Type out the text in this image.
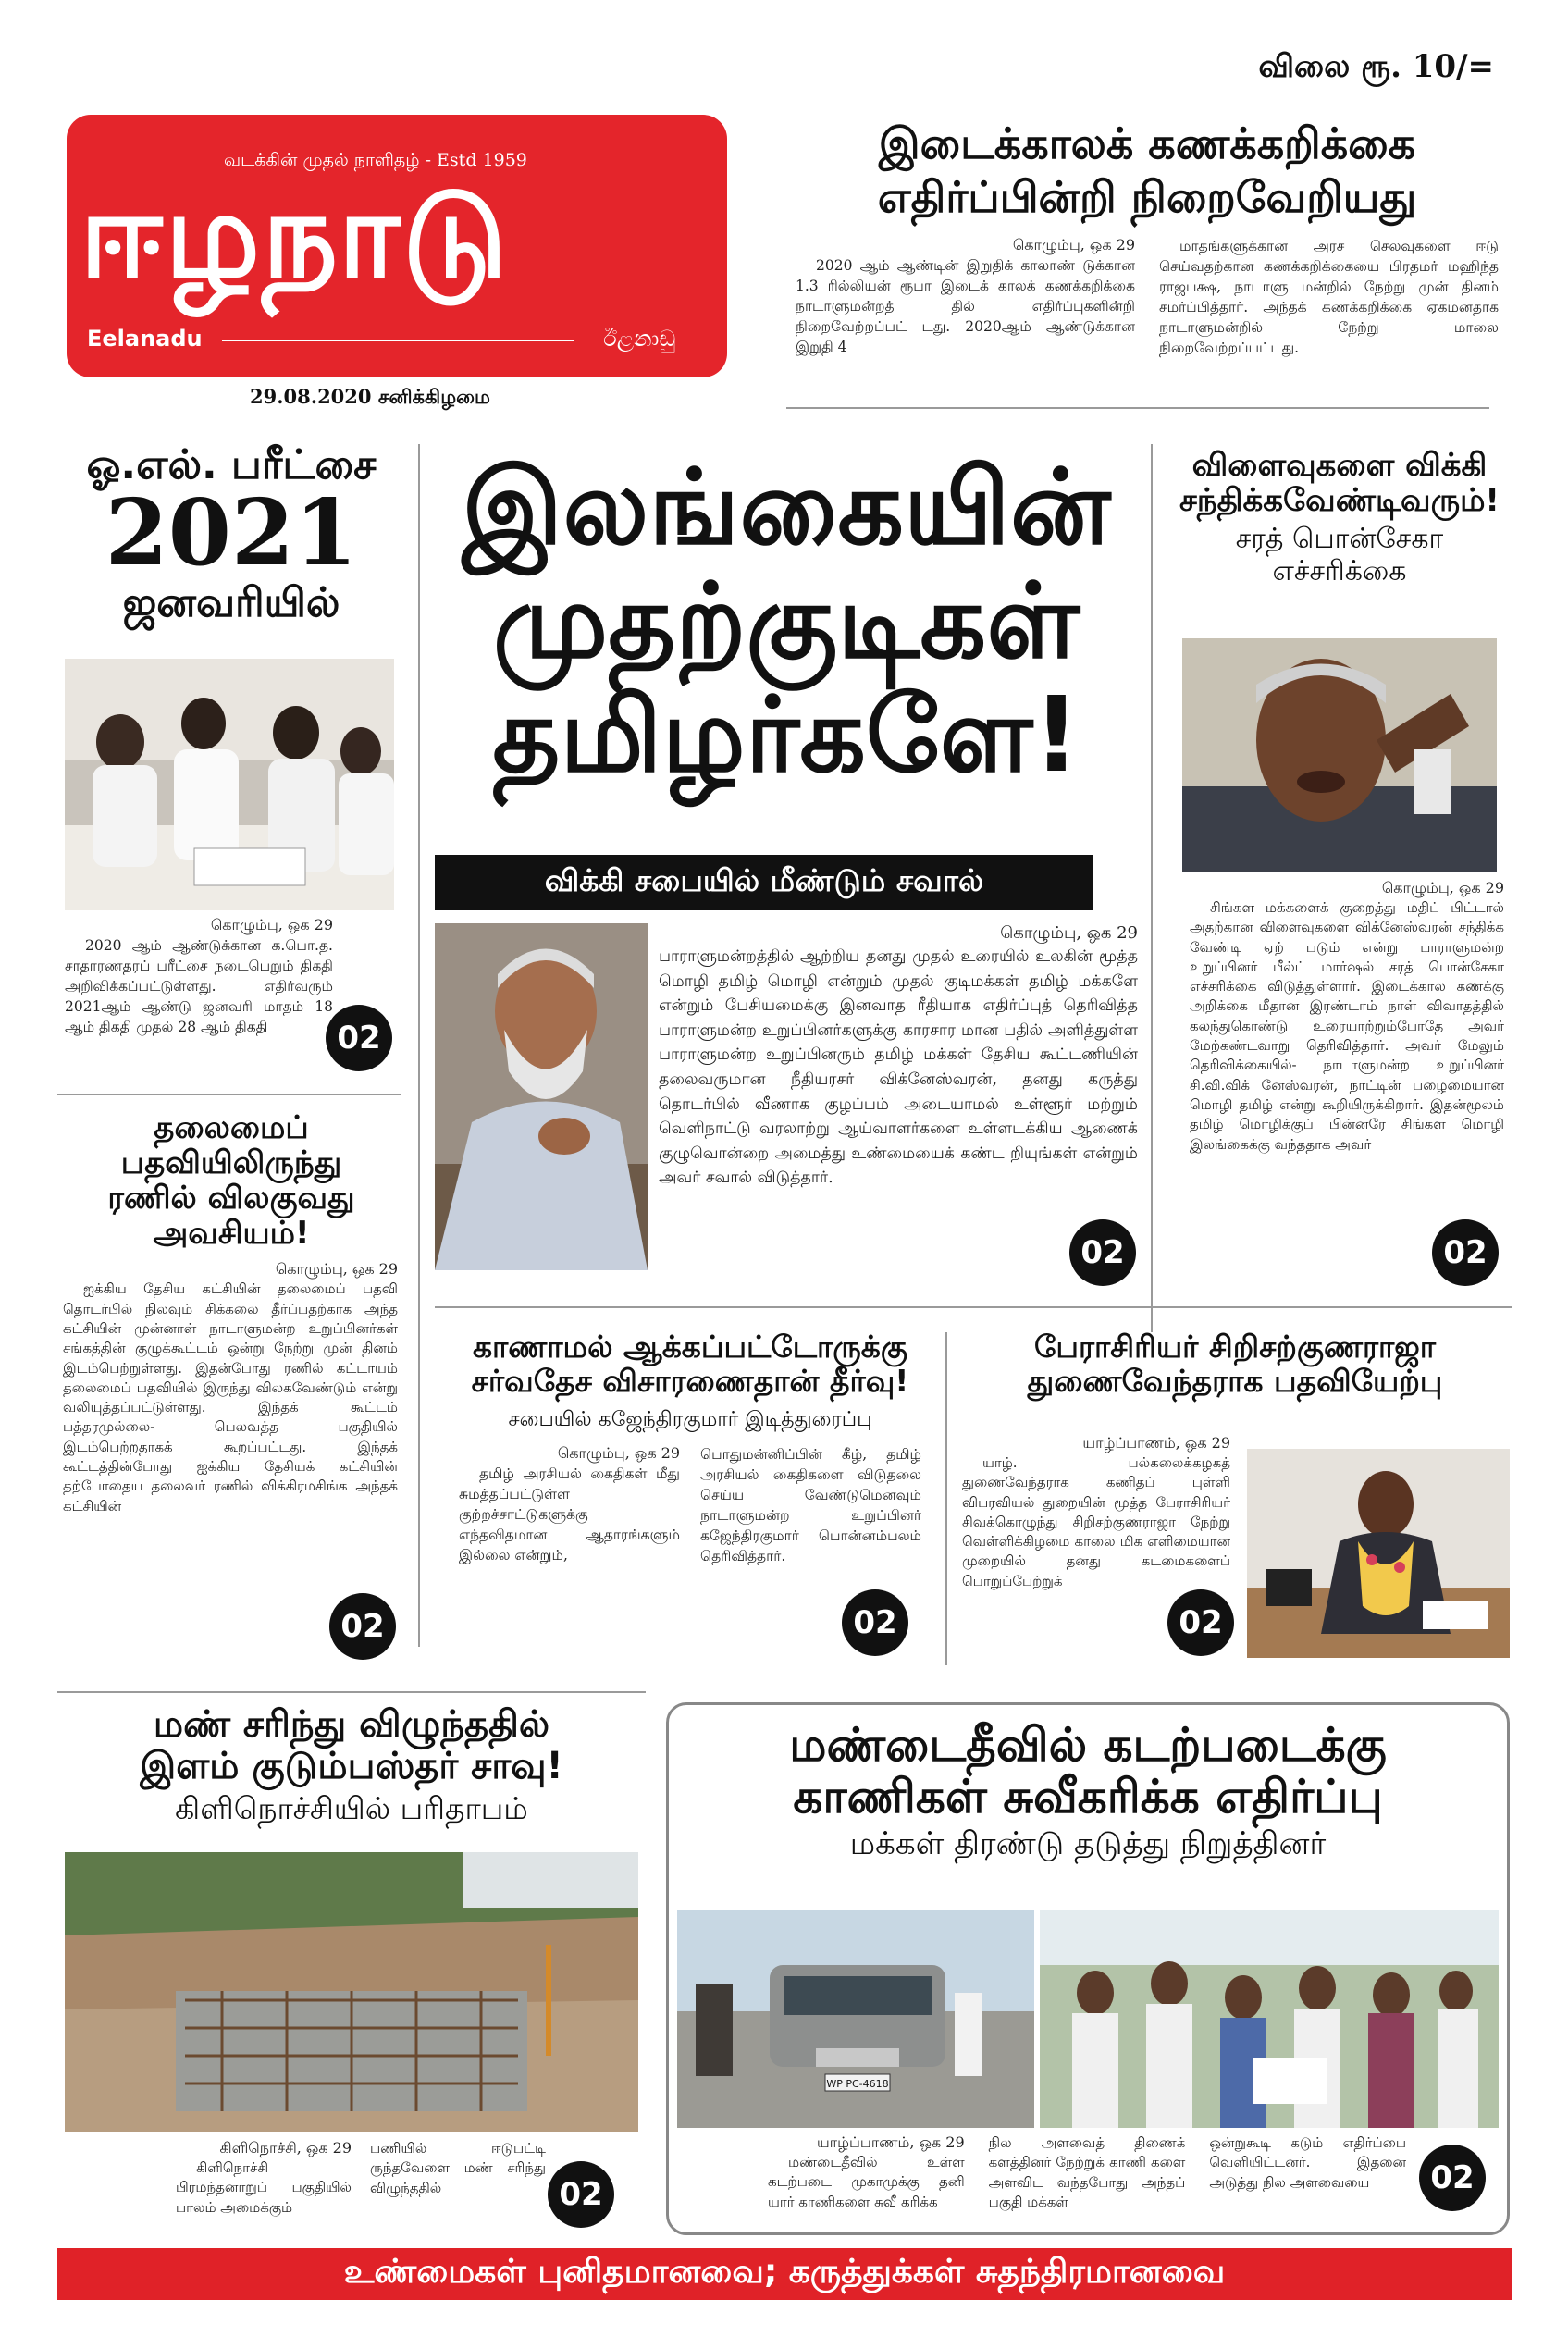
விலை ரூ. 10/=
வடக்கின் முதல் நாளிதழ் - Estd 1959
ஈழநாடு
Eelanadu	ඊළනාඩු
29.08.2020 சனிக்கிழமை
இடைக்காலக் கணக்கறிக்கை
எதிர்ப்பின்றி நிறைவேறியது
கொழும்பு, ஒக 29

2020 ஆம் ஆண்டின் இறுதிக் காலாண் டுக்கான 1.3 ரில்லியன் ரூபா இடைக் காலக் கணக்கறிக்கை நாடாளுமன்றத் தில் எதிர்ப்புகளின்றி நிறைவேற்றப்பட் டது. 2020ஆம் ஆண்டுக்கான இறுதி 4

மாதங்களுக்கான அரச செலவுகளை ஈடு செய்வதற்கான கணக்கறிக்கையை பிரதமர் மஹிந்த ராஜபக்ஷ, நாடாளு மன்றில் நேற்று முன் தினம் சமர்ப்பித்தார். அந்தக் கணக்கறிக்கை ஏகமனதாக நாடாளுமன்றில் நேற்று மாலை நிறைவேற்றப்பட்டது.

ஓ.எல். பரீட்சை
2021
ஜனவரியில்
கொழும்பு, ஒக 29

2020 ஆம் ஆண்டுக்கான க.பொ.த. சாதாரணதரப் பரீட்சை நடைபெறும் திகதி அறிவிக்கப்பட்டுள்ளது. எதிர்வரும் 2021ஆம் ஆண்டு ஜனவரி மாதம் 18 ஆம் திகதி முதல் 28 ஆம் திகதி	02
தலைமைப்
பதவியிலிருந்து
ரணில் விலகுவது
அவசியம்!
கொழும்பு, ஒக 29

ஐக்கிய தேசிய கட்சியின் தலைமைப் பதவி தொடர்பில் நிலவும் சிக்கலை தீர்ப்பதற்காக அந்த கட்சியின் முன்னாள் நாடாளுமன்ற உறுப்பினர்கள் சங்கத்தின் குழுக்கூட்டம் ஒன்று நேற்று முன் தினம் இடம்பெற்றுள்ளது. இதன்போது ரணில் கட்டாயம் தலைமைப் பதவியில் இருந்து விலகவேண்டும் என்று வலியுத்தப்பட்டுள்ளது. இந்தக் கூட்டம் பத்தரமுல்லை- பெலவத்த பகுதியில் இடம்பெற்றதாகக் கூறப்பட்டது. இந்தக் கூட்டத்தின்போது ஐக்கிய தேசியக் கட்சியின் தற்போதைய தலைவர் ரணில் விக்கிரமசிங்க அந்தக் கட்சியின்

02
இலங்கையின்
முதற்குடிகள்
தமிழர்களே!
விக்கி சபையில் மீண்டும் சவால்
கொழும்பு, ஒக 29

பாராளுமன்றத்தில் ஆற்றிய தனது முதல் உரையில் உலகின் மூத்த மொழி தமிழ் மொழி என்றும் முதல் குடிமக்கள் தமிழ் மக்களே என்றும் பேசியமைக்கு இனவாத ரீதியாக எதிர்ப்புத் தெரிவித்த பாராளுமன்ற உறுப்பினர்களுக்கு காரசார மான பதில் அளித்துள்ள பாராளுமன்ற உறுப்பினரும் தமிழ் மக்கள் தேசிய கூட்டணியின் தலைவருமான நீதியரசர் விக்னேஸ்வரன், தனது கருத்து தொடர்பில் வீணாக குழப்பம் அடையாமல் உள்ளூர் மற்றும் வெளிநாட்டு வரலாற்று ஆய்வாளர்களை உள்ளடக்கிய ஆணைக் குழுவொன்றை அமைத்து உண்மையைக் கண்ட றியுங்கள் என்றும் அவர் சவால் விடுத்தார்.

02
விளைவுகளை விக்கி
சந்திக்கவேண்டிவரும்!
சரத் பொன்சேகா
எச்சரிக்கை
கொழும்பு, ஒக 29

சிங்கள மக்களைக் குறைத்து மதிப் பிட்டால் அதற்கான விளைவுகளை விக்னேஸ்வரன் சந்திக்க வேண்டி ஏற் படும் என்று பாராளுமன்ற உறுப்பினர் பீல்ட் மார்ஷல் சரத் பொன்சேகா எச்சரிக்கை விடுத்துள்ளார். இடைக்கால கணக்கு அறிக்கை மீதான இரண்டாம் நாள் விவாதத்தில் கலந்துகொண்டு உரையாற்றும்போதே அவர் மேற்கண்டவாறு தெரிவித்தார். அவர் மேலும் தெரிவிக்கையில்- நாடாளுமன்ற உறுப்பினர் சி.வி.விக் னேஸ்வரன், நாட்டின் பழைமையான மொழி தமிழ் என்று கூறியிருக்கிறார். இதன்மூலம் தமிழ் மொழிக்குப் பின்னரே சிங்கள மொழி இலங்கைக்கு வந்ததாக அவர்

02
காணாமல் ஆக்கப்பட்டோருக்கு
சர்வதேச விசாரணைதான் தீர்வு!
சபையில் கஜேந்திரகுமார் இடித்துரைப்பு
கொழும்பு, ஒக 29

தமிழ் அரசியல் கைதிகள் மீது சுமத்தப்பட்டுள்ள குற்றச்சாட்டுகளுக்கு எந்தவிதமான ஆதாரங்களும் இல்லை என்றும்,

பொதுமன்னிப்பின் கீழ், தமிழ் அரசியல் கைதிகளை விடுதலை செய்ய வேண்டுமெனவும் நாடாளுமன்ற உறுப்பினர் கஜேந்திரகுமார் பொன்னம்பலம் தெரிவித்தார்.

02
பேராசிரியர் சிறிசற்குணராஜா
துணைவேந்தராக பதவியேற்பு
யாழ்ப்பாணம், ஒக 29

யாழ். பல்கலைக்கழகத் துணைவேந்தராக கணிதப் புள்ளி விபரவியல் துறையின் மூத்த பேராசிரியர் சிவக்கொழுந்து சிறிசற்குணராஜா நேற்று வெள்ளிக்கிழமை காலை மிக எளிமையான முறையில் தனது கடமைகளைப் பொறுப்பேற்றுக்

02
மண் சரிந்து விழுந்ததில்
இளம் குடும்பஸ்தர் சாவு!
கிளிநொச்சியில் பரிதாபம்
கிளிநொச்சி, ஒக 29

கிளிநொச்சி பிரமந்தனாறுப் பகுதியில் பாலம் அமைக்கும்

பணியில் ஈடுபட்டி ருந்தவேளை மண் சரிந்து விழுந்ததில்	02
மண்டைதீவில் கடற்படைக்கு
காணிகள் சுவீகரிக்க எதிர்ப்பு
மக்கள் திரண்டு தடுத்து நிறுத்தினர்
WP PC-4618
யாழ்ப்பாணம், ஒக 29

மண்டைதீவில் உள்ள கடற்படை முகாமுக்கு தனி யார் காணிகளை சுவீ கரிக்க

நில அளவைத் திணைக் களத்தினர் நேற்றுக் காணி களை அளவிட வந்தபோது அந்தப் பகுதி மக்கள்

ஒன்றுகூடி கடும் எதிர்ப்பை வெளியிட்டனர். இதனை அடுத்து நில அளவையை	02
உண்மைகள் புனிதமானவை; கருத்துக்கள் சுதந்திரமானவை
